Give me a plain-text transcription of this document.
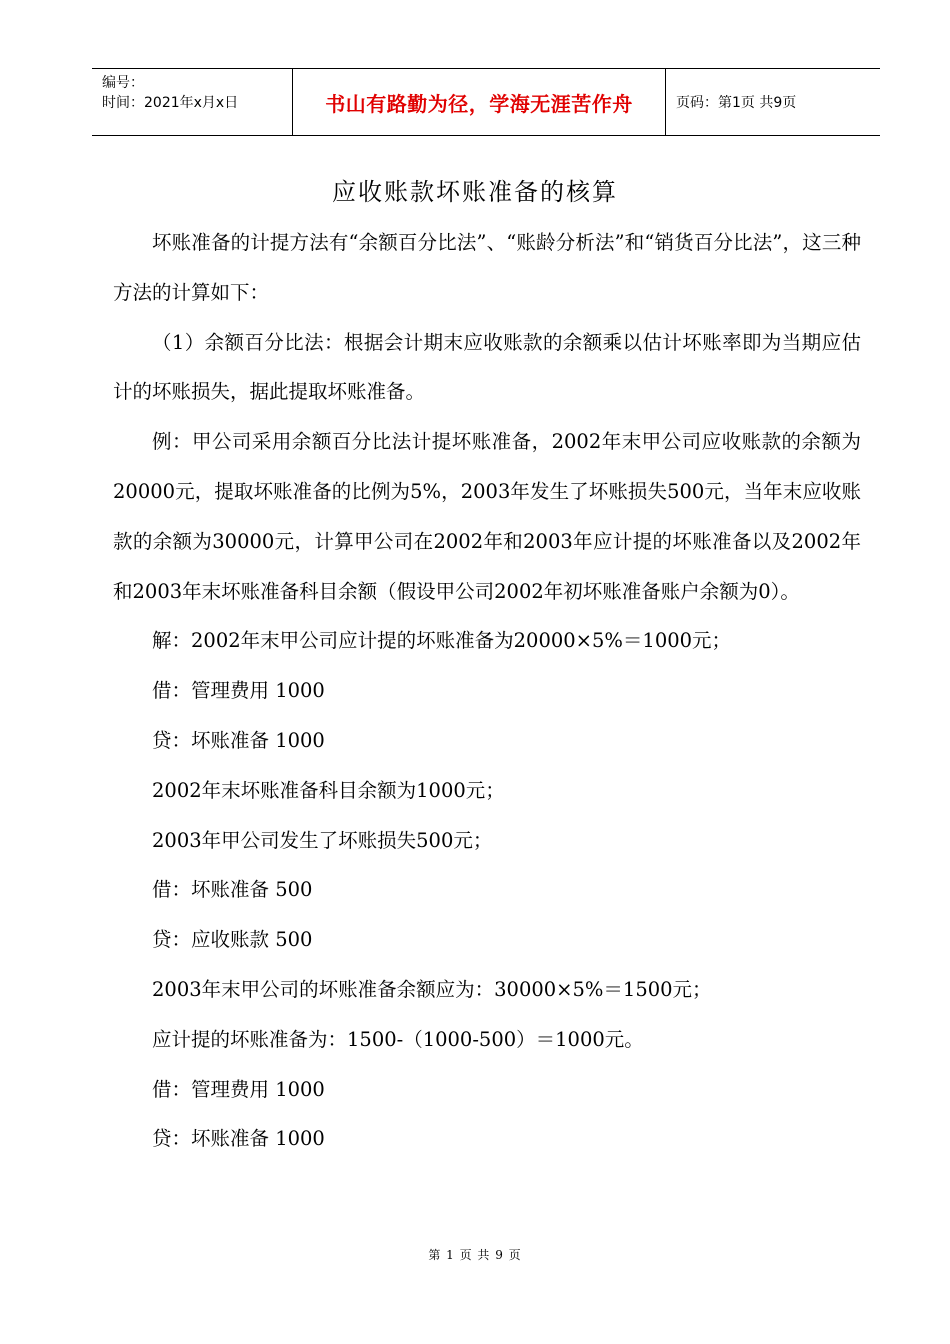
编号：
时间：2021年x月x日	书山有路勤为径，学海无涯苦作舟	页码：第1页 共9页
应收账款坏账准备的核算

坏账准备的计提方法有“余额百分比法”、“账龄分析法”和“销货百分比法”，这三种方法的计算如下：

（1）余额百分比法：根据会计期末应收账款的余额乘以估计坏账率即为当期应估计的坏账损失，据此提取坏账准备。

例：甲公司采用余额百分比法计提坏账准备，2002年末甲公司应收账款的余额为20000元，提取坏账准备的比例为5%，2003年发生了坏账损失500元，当年末应收账款的余额为30000元，计算甲公司在2002年和2003年应计提的坏账准备以及2002年和2003年末坏账准备科目余额（假设甲公司2002年初坏账准备账户余额为0）。

解：2002年末甲公司应计提的坏账准备为20000×5%＝1000元；

借：管理费用 1000

贷：坏账准备 1000

2002年末坏账准备科目余额为1000元；

2003年甲公司发生了坏账损失500元；

借：坏账准备 500

贷：应收账款 500

2003年末甲公司的坏账准备余额应为：30000×5%＝1500元；

应计提的坏账准备为：1500-（1000-500）＝1000元。

借：管理费用 1000

贷：坏账准备 1000

第 1 页 共 9 页
